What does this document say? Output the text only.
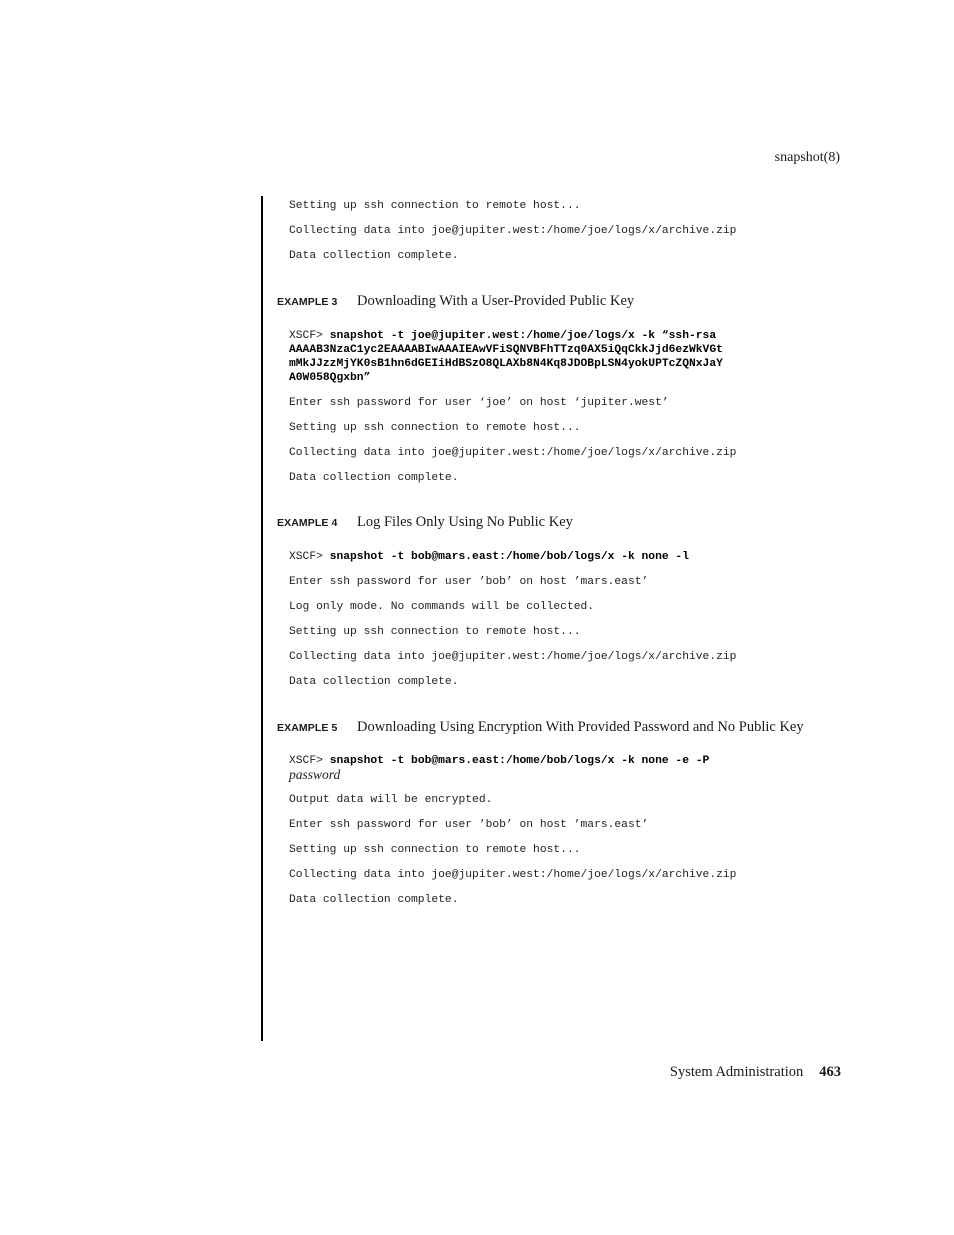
snapshot(8)
Setting up ssh connection to remote host...
Collecting data into joe@jupiter.west:/home/joe/logs/x/archive.zip
Data collection complete.
EXAMPLE 3 Downloading With a User-Provided Public Key
XSCF> snapshot -t joe@jupiter.west:/home/joe/logs/x -k “ssh-rsa
AAAAB3NzaC1yc2EAAAABIwAAAIEAwVFiSQNVBFhTTzq0AX5iQqCkkJjd6ezWkVGt
mMkJJzzMjYK0sB1hn6dGEIiHdBSzO8QLAXb8N4Kq8JDOBpLSN4yokUPTcZQNxJaY
A0W058Qgxbn”
Enter ssh password for user ‘joe’ on host ‘jupiter.west’
Setting up ssh connection to remote host...
Collecting data into joe@jupiter.west:/home/joe/logs/x/archive.zip
Data collection complete.
EXAMPLE 4 Log Files Only Using No Public Key
XSCF> snapshot -t bob@mars.east:/home/bob/logs/x -k none -l
Enter ssh password for user ’bob’ on host ’mars.east’
Log only mode. No commands will be collected.
Setting up ssh connection to remote host...
Collecting data into joe@jupiter.west:/home/joe/logs/x/archive.zip
Data collection complete.
EXAMPLE 5 Downloading Using Encryption With Provided Password and No Public Key
XSCF> snapshot -t bob@mars.east:/home/bob/logs/x -k none -e -P
password
Output data will be encrypted.
Enter ssh password for user ’bob’ on host ’mars.east’
Setting up ssh connection to remote host...
Collecting data into joe@jupiter.west:/home/joe/logs/x/archive.zip
Data collection complete.
System Administration 463
